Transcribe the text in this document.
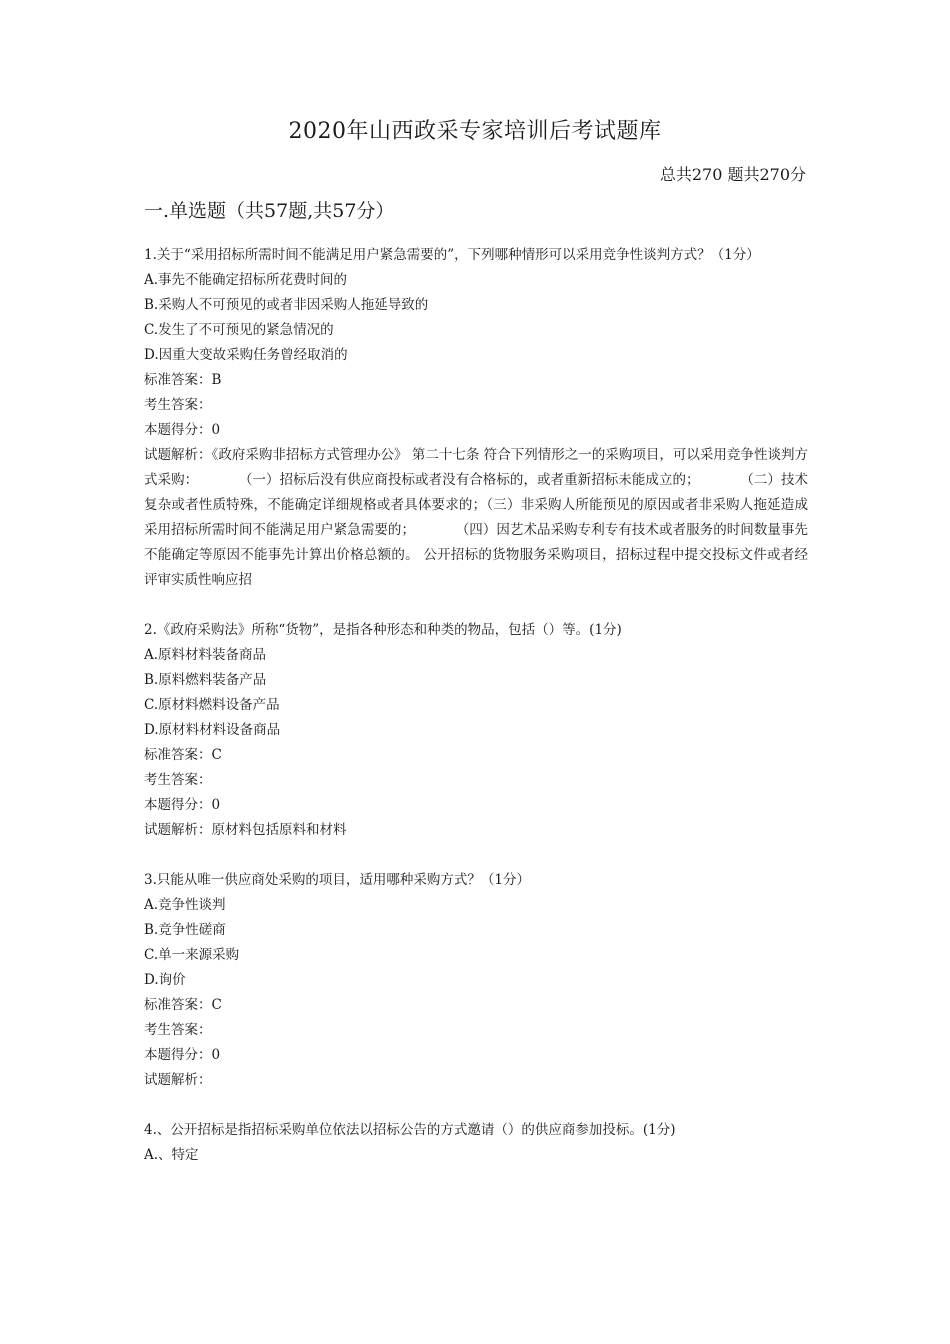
2020年山西政采专家培训后考试题库
总共270 题共270分
一.单选题（共57题,共57分）

1.关于“采用招标所需时间不能满足用户紧急需要的”，下列哪种情形可以采用竞争性谈判方式？（1分）

A.事先不能确定招标所花费时间的

B.采购人不可预见的或者非因采购人拖延导致的

C.发生了不可预见的紧急情况的

D.因重大变故采购任务曾经取消的

标准答案：B

考生答案：

本题得分：0

试题解析：《政府采购非招标方式管理办公》 第二十七条 符合下列情形之一的采购项目，可以采用竞争性谈判方式采购：　　　　（一）招标后没有供应商投标或者没有合格标的，或者重新招标未能成立的；　　　　（二）技术复杂或者性质特殊，不能确定详细规格或者具体要求的；（三）非采购人所能预见的原因或者非采购人拖延造成采用招标所需时间不能满足用户紧急需要的；　　　　（四）因艺术品采购专利专有技术或者服务的时间数量事先不能确定等原因不能事先计算出价格总额的。 公开招标的货物服务采购项目，招标过程中提交投标文件或者经评审实质性响应招

2.《政府采购法》所称“货物”，是指各种形态和种类的物品，包括（）等。(1分)

A.原料材料装备商品

B.原料燃料装备产品

C.原材料燃料设备产品

D.原材料材料设备商品

标准答案：C

考生答案：

本题得分：0

试题解析：原材料包括原料和材料

3.只能从唯一供应商处采购的项目，适用哪种采购方式？（1分）

A.竞争性谈判

B.竞争性磋商

C.单一来源采购

D.询价

标准答案：C

考生答案：

本题得分：0

试题解析：

4.、公开招标是指招标采购单位依法以招标公告的方式邀请（）的供应商参加投标。(1分)

A.、特定
